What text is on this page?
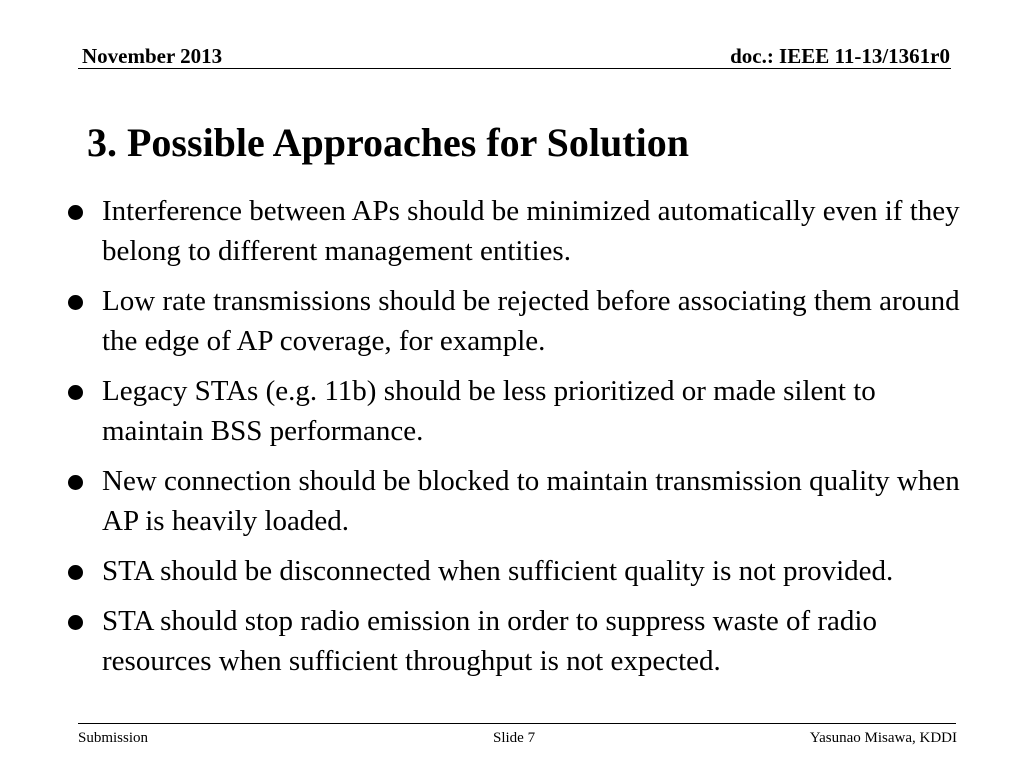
November 2013	doc.: IEEE 11-13/1361r0
3. Possible Approaches for Solution
Interference between APs should be minimized automatically even if they belong to different management entities.
Low rate transmissions should be rejected before associating them around the edge of AP coverage, for example.
Legacy STAs (e.g. 11b) should be less prioritized or made silent to maintain BSS performance.
New connection should be blocked to maintain transmission quality when AP is heavily loaded.
STA should be disconnected when sufficient quality is not provided.
STA should stop radio emission in order to suppress waste of radio resources when sufficient throughput is not expected.
Submission	Slide 7	Yasunao Misawa, KDDI
